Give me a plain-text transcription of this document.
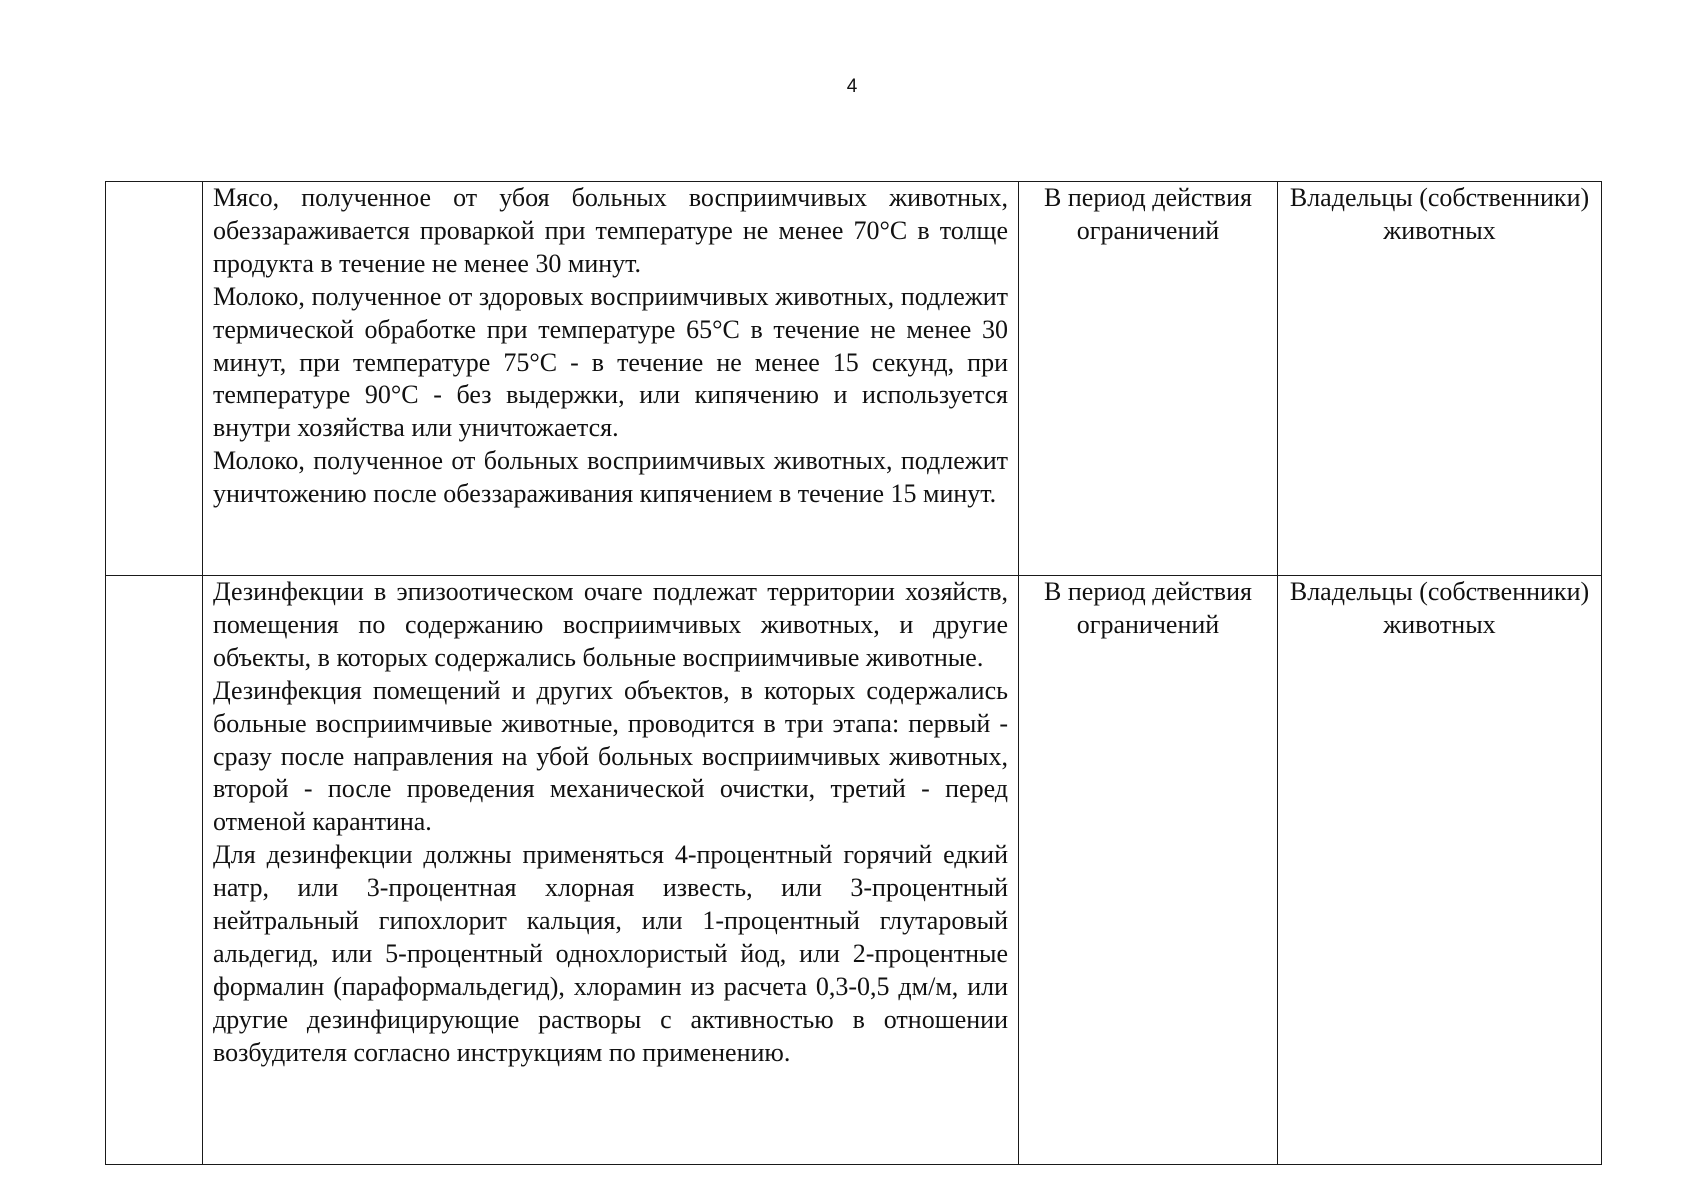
4

	Мясо, полученное от убоя больных восприимчивых животных, обеззараживается проваркой при температуре не менее 70°С в толще продукта в течение не менее 30 минут.

Молоко, полученное от здоровых восприимчивых животных, подлежит термической обработке при температуре 65°С в течение не менее 30 минут, при температуре 75°С - в течение не менее 15 секунд, при температуре 90°С - без выдержки, или кипячению и используется внутри хозяйства или уничтожается.

Молоко, полученное от больных восприимчивых животных, подлежит уничтожению после обеззараживания кипячением в течение 15 минут.	В период действия ограничений	Владельцы (собственники) животных

	Дезинфекции в эпизоотическом очаге подлежат территории хозяйств, помещения по содержанию восприимчивых животных, и другие объекты, в которых содержались больные восприимчивые животные.

Дезинфекция помещений и других объектов, в которых содержались больные восприимчивые животные, проводится в три этапа: первый - сразу после направления на убой больных восприимчивых животных, второй - после проведения механической очистки, третий - перед отменой карантина.

Для дезинфекции должны применяться 4-процентный горячий едкий натр, или 3-процентная хлорная известь, или 3-процентный нейтральный гипохлорит кальция, или 1-процентный глутаровый альдегид, или 5-процентный однохлористый йод, или 2-процентные формалин (параформальдегид), хлорамин из расчета 0,3-0,5 дм/м, или другие дезинфицирующие растворы с активностью в отношении возбудителя согласно инструкциям по применению.	В период действия ограничений	Владельцы (собственники) животных
